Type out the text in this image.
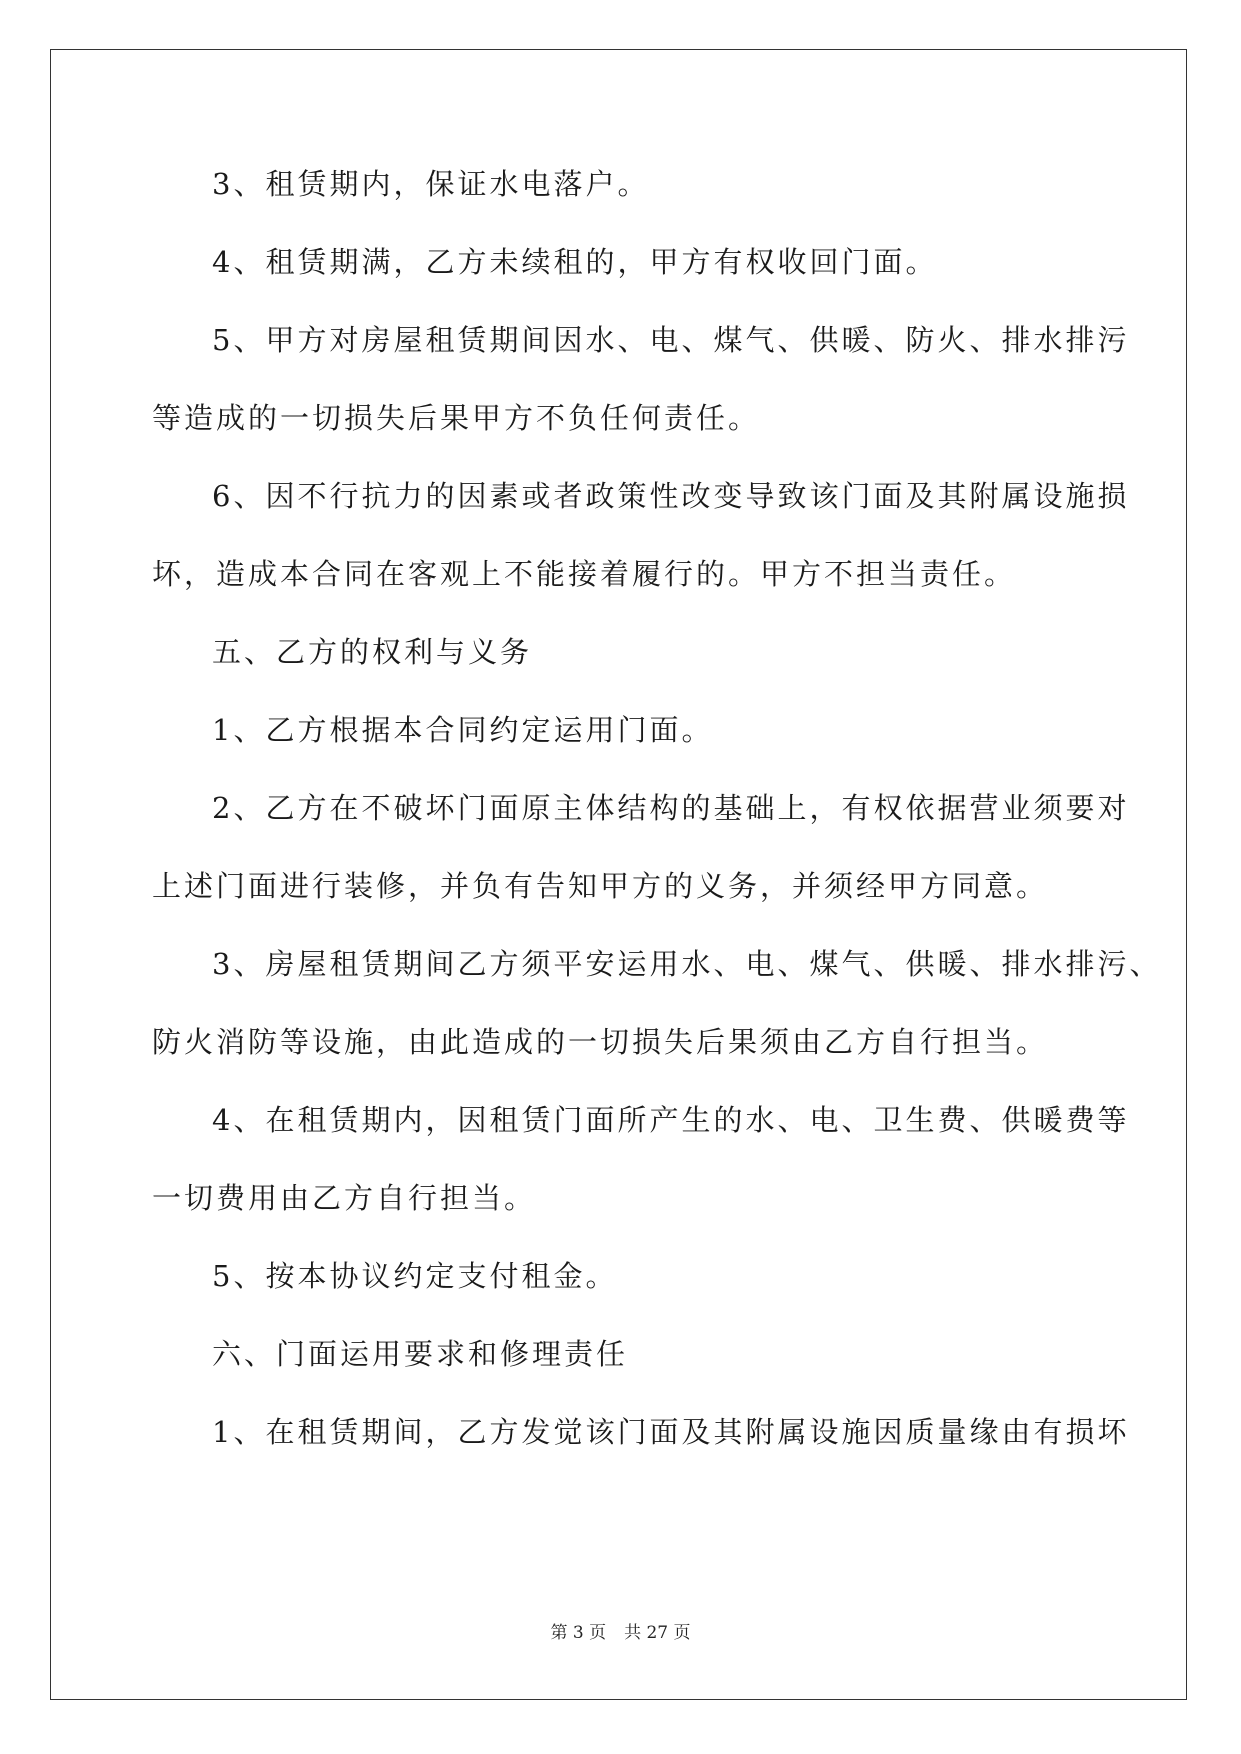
3、租赁期内，保证水电落户。
4、租赁期满，乙方未续租的，甲方有权收回门面。
5、甲方对房屋租赁期间因水、电、煤气、供暖、防火、排水排污
等造成的一切损失后果甲方不负任何责任。
6、因不行抗力的因素或者政策性改变导致该门面及其附属设施损
坏，造成本合同在客观上不能接着履行的。甲方不担当责任。
五、乙方的权利与义务
1、乙方根据本合同约定运用门面。
2、乙方在不破坏门面原主体结构的基础上，有权依据营业须要对
上述门面进行装修，并负有告知甲方的义务，并须经甲方同意。
3、房屋租赁期间乙方须平安运用水、电、煤气、供暖、排水排污、
防火消防等设施，由此造成的一切损失后果须由乙方自行担当。
4、在租赁期内，因租赁门面所产生的水、电、卫生费、供暖费等
一切费用由乙方自行担当。
5、按本协议约定支付租金。
六、门面运用要求和修理责任
1、在租赁期间，乙方发觉该门面及其附属设施因质量缘由有损坏
第 3 页 共 27 页
